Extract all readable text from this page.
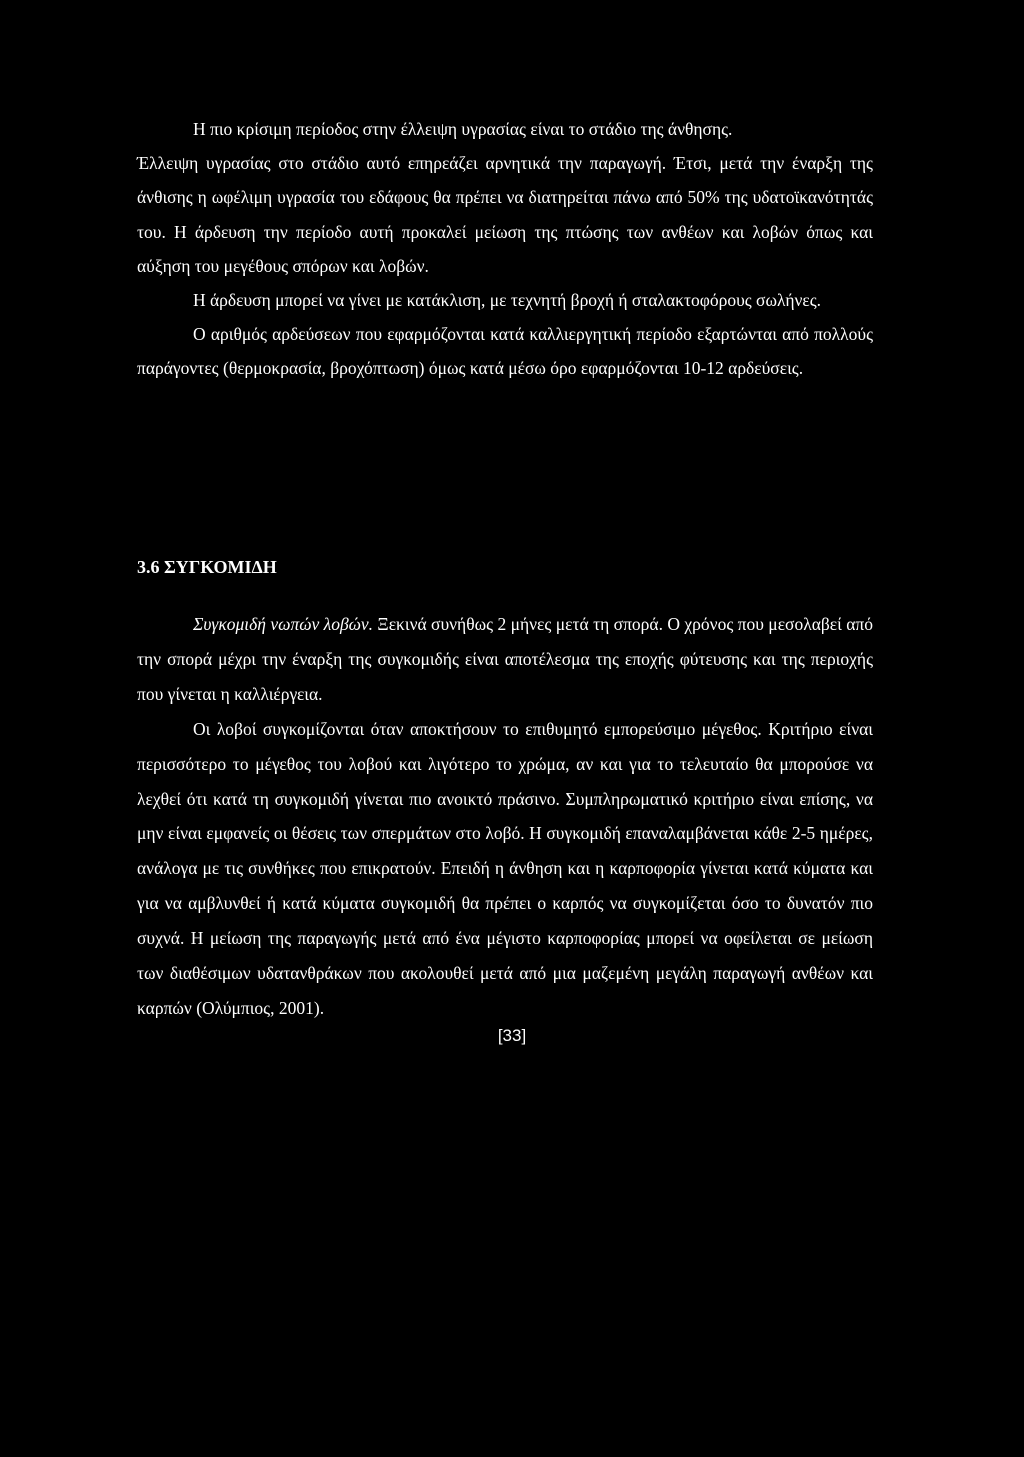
Η πιο κρίσιμη περίοδος στην έλλειψη υγρασίας είναι το στάδιο της άνθησης.

Έλλειψη υγρασίας στο στάδιο αυτό επηρεάζει αρνητικά την παραγωγή. Έτσι, μετά την έναρξη της άνθισης η ωφέλιμη υγρασία του εδάφους θα πρέπει να διατηρείται πάνω από 50% της υδατοϊκανότητάς του. Η άρδευση την περίοδο αυτή προκαλεί μείωση της πτώσης των ανθέων και λοβών όπως και αύξηση του μεγέθους σπόρων και λοβών.

Η άρδευση μπορεί να γίνει με κατάκλιση, με τεχνητή βροχή ή σταλακτοφόρους σωλήνες.

Ο αριθμός αρδεύσεων που εφαρμόζονται κατά καλλιεργητική περίοδο εξαρτώνται από πολλούς παράγοντες (θερμοκρασία, βροχόπτωση) όμως κατά μέσω όρο εφαρμόζονται 10-12 αρδεύσεις.

3.6 ΣΥΓΚΟΜΙΔΗ

Συγκομιδή νωπών λοβών. Ξεκινά συνήθως 2 μήνες μετά τη σπορά. Ο χρόνος που μεσολαβεί από την σπορά μέχρι την έναρξη της συγκομιδής είναι αποτέλεσμα της εποχής φύτευσης και της περιοχής που γίνεται η καλλιέργεια.

Οι λοβοί συγκομίζονται όταν αποκτήσουν το επιθυμητό εμπορεύσιμο μέγεθος. Κριτήριο είναι περισσότερο το μέγεθος του λοβού και λιγότερο το χρώμα, αν και για το τελευταίο θα μπορούσε να λεχθεί ότι κατά τη συγκομιδή γίνεται πιο ανοικτό πράσινο. Συμπληρωματικό κριτήριο είναι επίσης, να μην είναι εμφανείς οι θέσεις των σπερμάτων στο λοβό. Η συγκομιδή επαναλαμβάνεται κάθε 2-5 ημέρες, ανάλογα με τις συνθήκες που επικρατούν. Επειδή η άνθηση και η καρποφορία γίνεται κατά κύματα και για να αμβλυνθεί ή κατά κύματα συγκομιδή θα πρέπει ο καρπός να συγκομίζεται όσο το δυνατόν πιο συχνά. Η μείωση της παραγωγής μετά από ένα μέγιστο καρποφορίας μπορεί να οφείλεται σε μείωση των διαθέσιμων υδατανθράκων που ακολουθεί μετά από μια μαζεμένη μεγάλη παραγωγή ανθέων και καρπών (Ολύμπιος, 2001).

[33]
